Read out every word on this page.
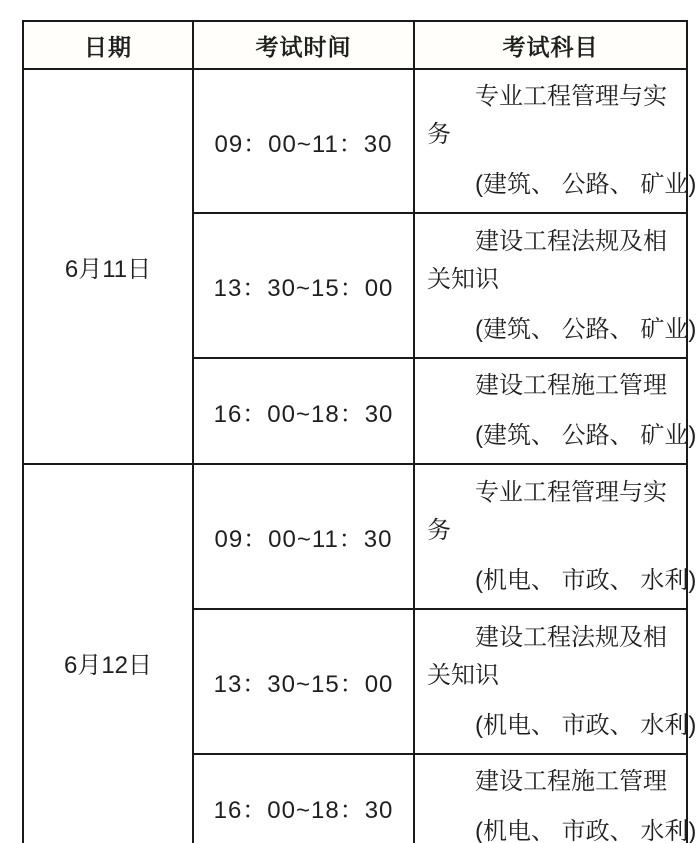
日期	考试时间	考试科目
6月11日	09：00~11：30	专业工程管理与实务

(建筑、 公路、 矿业)

	13：30~15：00	建设工程法规及相关知识

(建筑、 公路、 矿业)

	16：00~18：30	建设工程施工管理

(建筑、 公路、 矿业)

6月12日	09：00~11：30	专业工程管理与实务

(机电、 市政、 水利)

	13：30~15：00	建设工程法规及相关知识

(机电、 市政、 水利)

	16：00~18：30	建设工程施工管理

(机电、 市政、 水利)
